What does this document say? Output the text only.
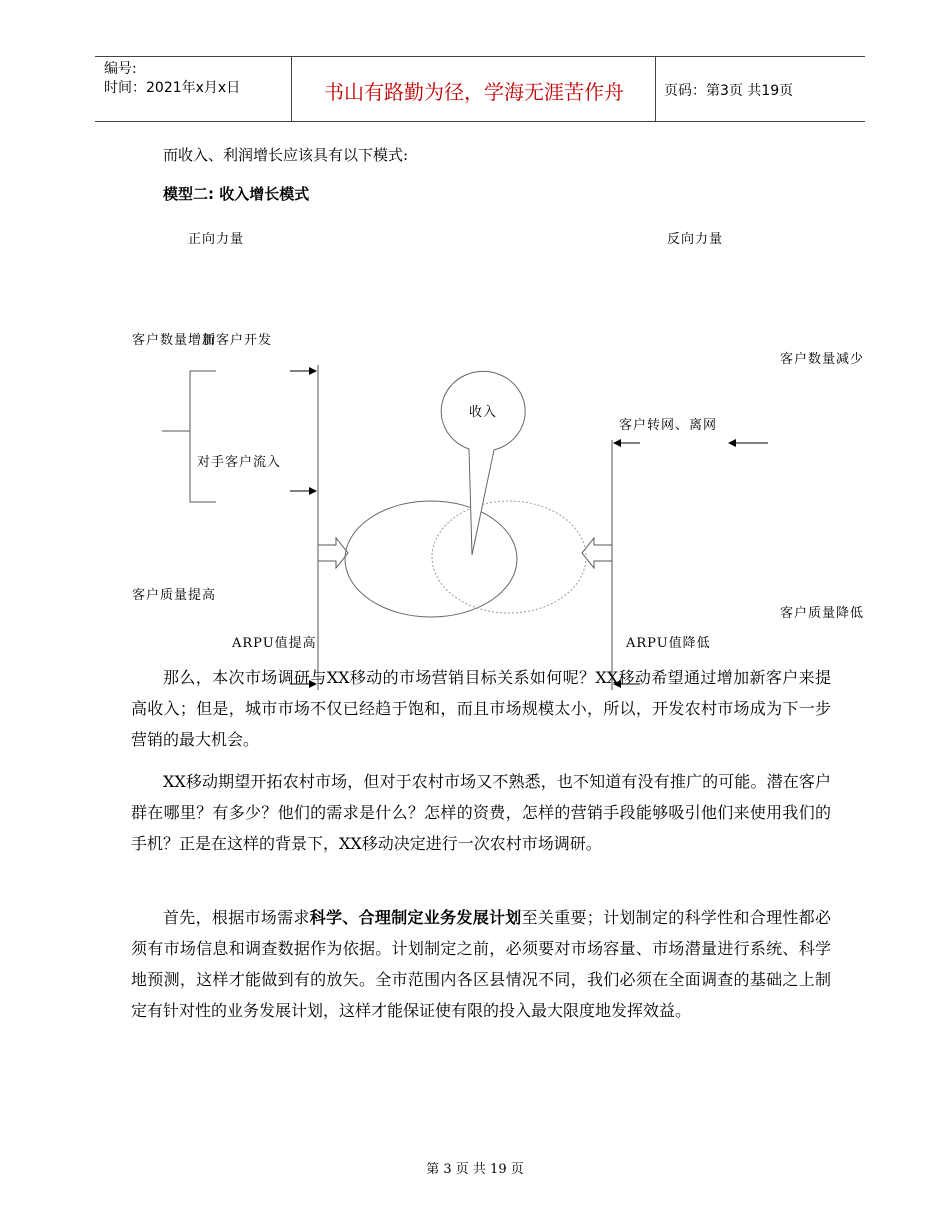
编号:
时间：2021年x月x日	书山有路勤为径，学海无涯苦作舟	页码：第3页 共19页
而收入、利润增长应该具有以下模式:
模型二: 收入增长模式
正向力量	反向力量
客户数量增加
新客户开发
对手客户流入
客户质量提高
ARPU值提高
收入
客户数量减少
客户转网、离网
客户质量降低
ARPU值降低
那么，本次市场调研与XX移动的市场营销目标关系如何呢？XX移动希望通过增加新客户来提高收入；但是，城市市场不仅已经趋于饱和，而且市场规模太小，所以，开发农村市场成为下一步营销的最大机会。
XX移动期望开拓农村市场，但对于农村市场又不熟悉，也不知道有没有推广的可能。潜在客户群在哪里？有多少？他们的需求是什么？怎样的资费，怎样的营销手段能够吸引他们来使用我们的手机？正是在这样的背景下，XX移动决定进行一次农村市场调研。
首先，根据市场需求科学、合理制定业务发展计划至关重要；计划制定的科学性和合理性都必须有市场信息和调查数据作为依据。计划制定之前，必须要对市场容量、市场潜量进行系统、科学地预测，这样才能做到有的放矢。全市范围内各区县情况不同，我们必须在全面调查的基础之上制定有针对性的业务发展计划，这样才能保证使有限的投入最大限度地发挥效益。
第 3 页 共 19 页
